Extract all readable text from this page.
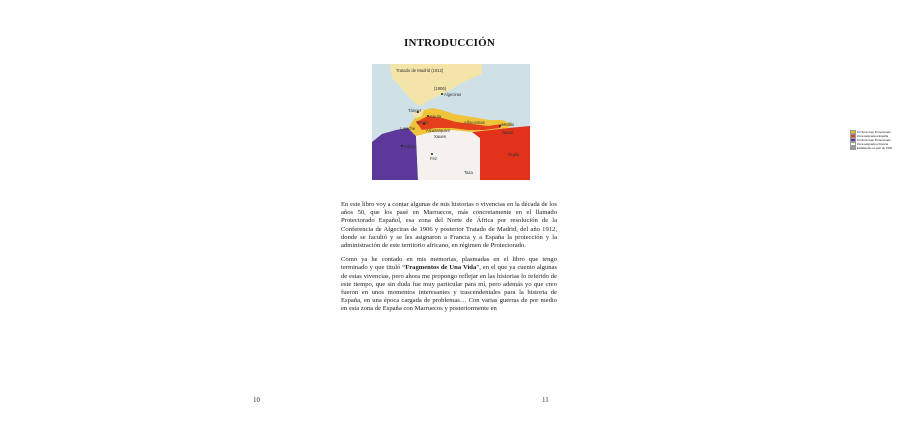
10
INTRODUCCIÓN
Tratado de Madrid (1912)
(1906)
Algeciras
Tánger
Ceuta
Tetuán
Larache	Alcazarquivir
Xauen
Alhucemas	Melilla
Nador
Rabat
Fez
Taza
Oujda
Territorio bajo Protectorado
Zona asignada a España
Territorio bajo Protectorado
Zona asignada a Francia
Establecido en julio de 1906

En este libro voy a contar algunas de mis historias o vivencias en la década de los años 50, que los pasé en Marruecos, más concretamente en el llamado Protectorado Español, esa zona del Norte de África por resolución de la Conferencia de Algeciras de 1906 y posterior Tratado de Madrid, del año 1912, donde se facultó y se les asignaron a Francia y a España la protección y la administración de este territorio africano, en régimen de Protectorado.

Como ya he contado en mis memorias, plasmadas en el libro que tengo terminado y que tituló “Fragmentos de Una Vida”, en el que ya cuento algunas de estas vivencias, pero ahora me propongo reflejar en las historias lo referido de este tiempo, que sin duda fue muy particular para mí, pero además yo que creo fueron en unos momentos interesantes y trascendentales para la historia de España, en una época cargada de problemas… Con varias guerras de por medio en esta zona de España con Marruecos y posteriormente en

11
